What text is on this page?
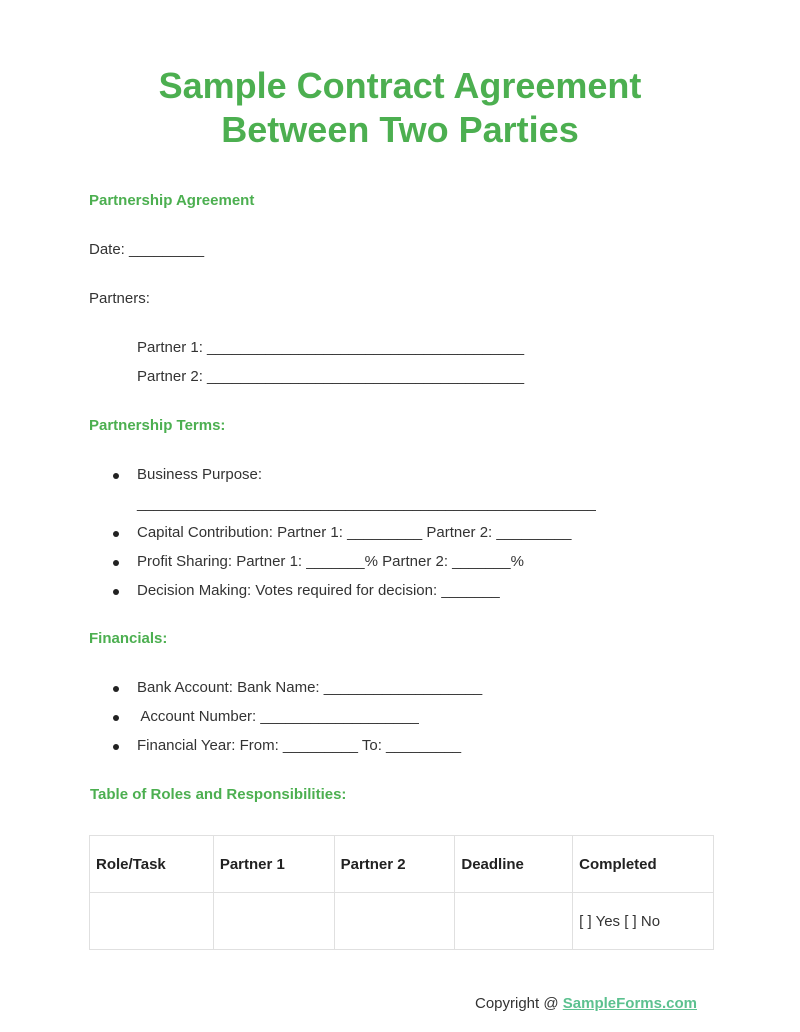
Sample Contract Agreement
Between Two Parties
Partnership Agreement
Date: _________
Partners:
Partner 1: ______________________________________
Partner 2: ______________________________________
Partnership Terms:
Business Purpose:
_______________________________________________________
Capital Contribution: Partner 1: _________ Partner 2: _________
Profit Sharing: Partner 1: _______% Partner 2: _______%
Decision Making: Votes required for decision: _______
Financials:
Bank Account: Bank Name: ___________________
Account Number: ___________________
Financial Year: From: _________ To: _________
Table of Roles and Responsibilities:
Role/Task	Partner 1	Partner 2	Deadline	Completed
				[ ] Yes [ ] No
Copyright @ SampleForms.com
